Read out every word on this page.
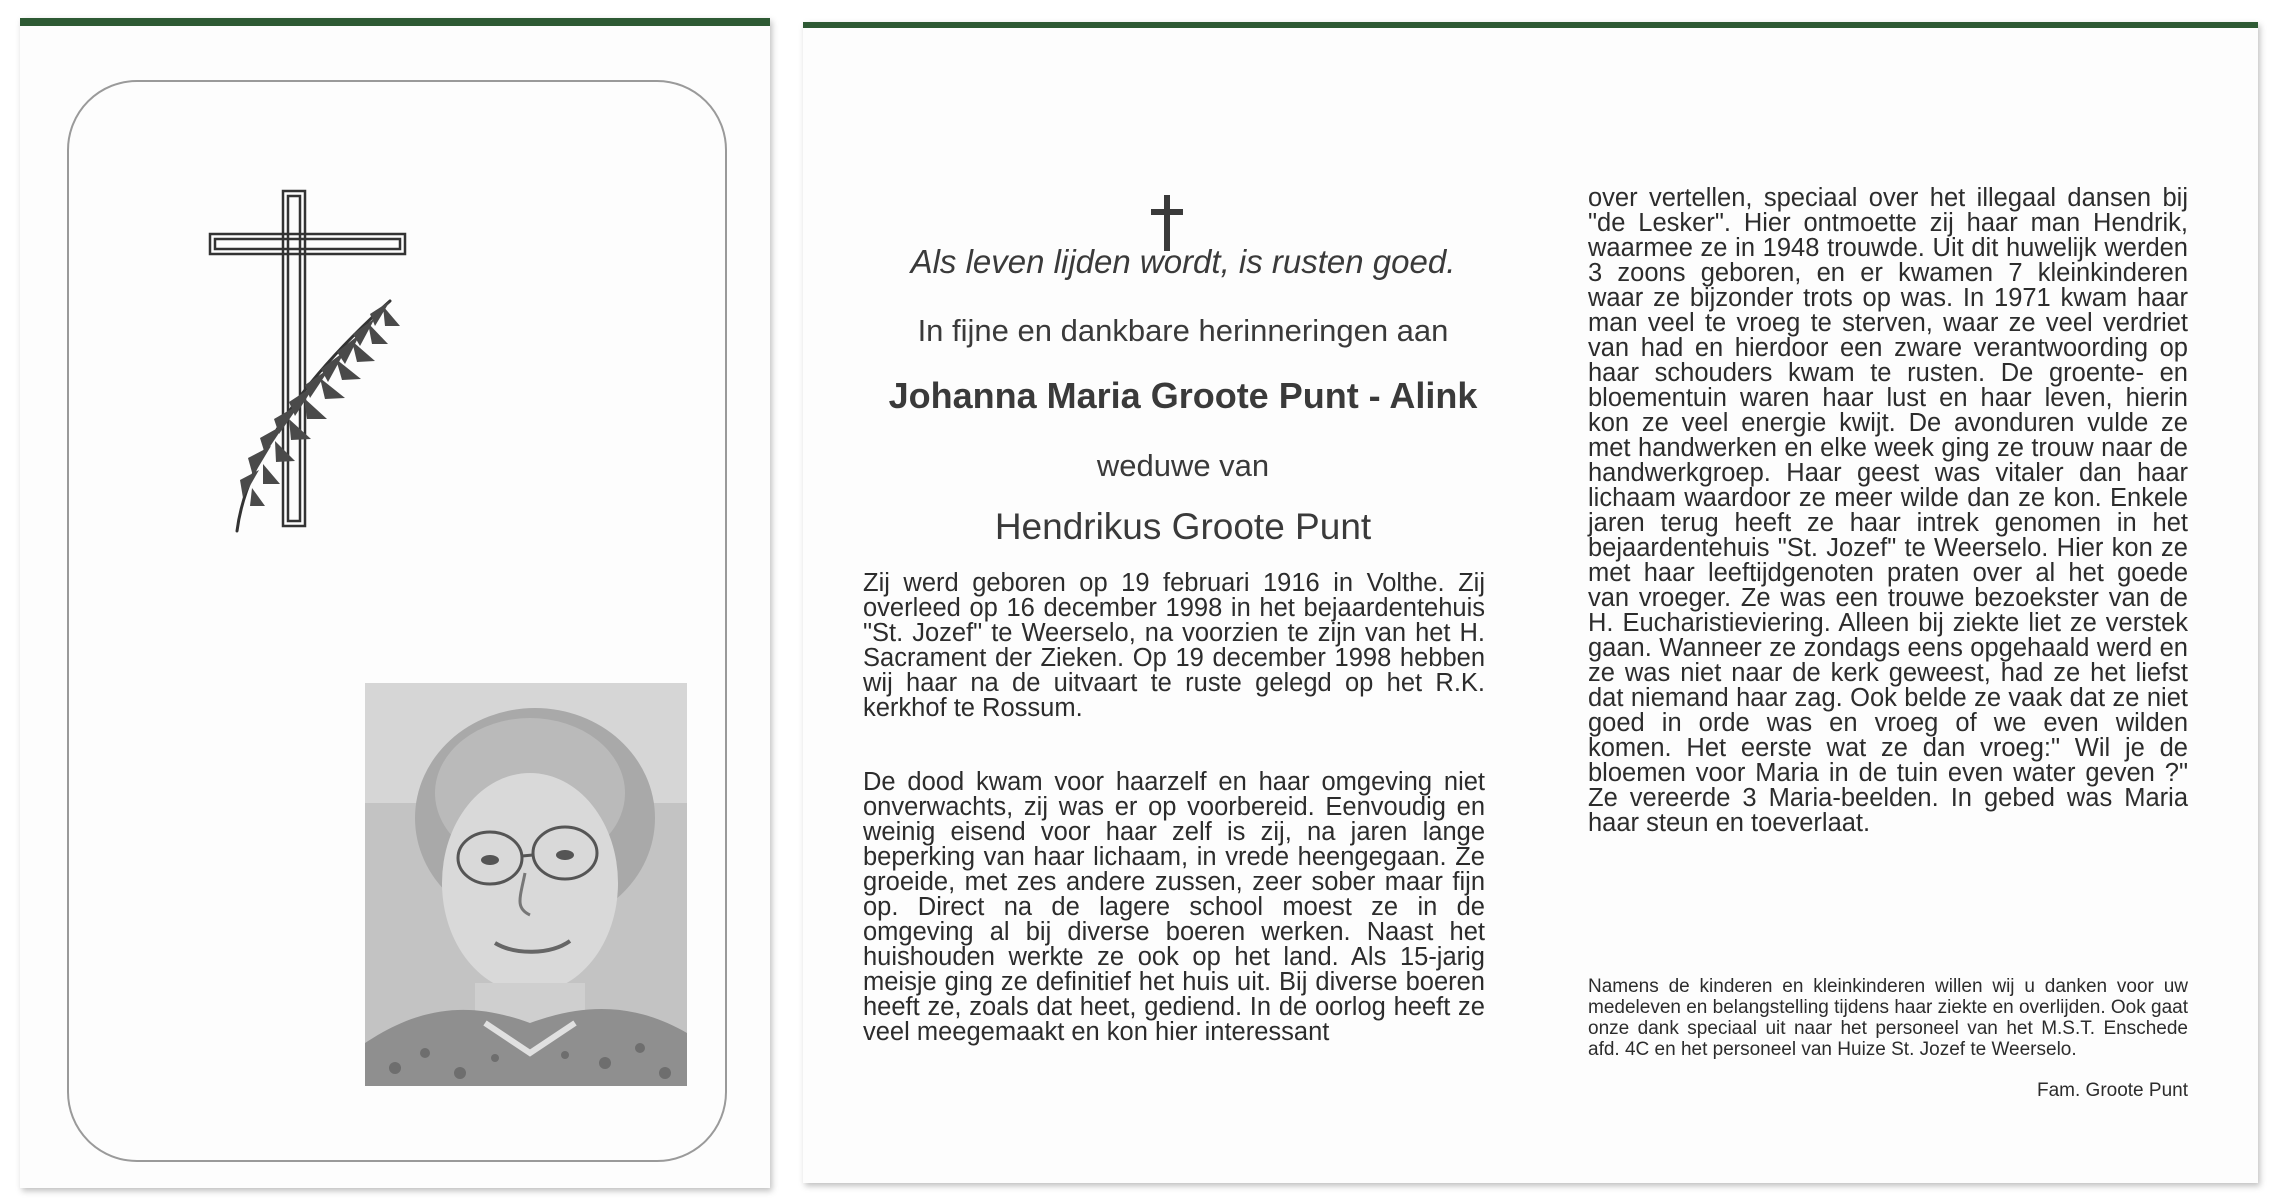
Als leven lijden wordt, is rusten goed.
In fijne en dankbare herinneringen aan
Johanna Maria Groote Punt - Alink
weduwe van
Hendrikus Groote Punt
Zij werd geboren op 19 februari 1916 in Volthe. Zij overleed op 16 december 1998 in het bejaardentehuis "St. Jozef" te Weerselo, na voorzien te zijn van het H. Sacrament der Zieken. Op 19 december 1998 hebben wij haar na de uitvaart te ruste gelegd op het R.K. kerkhof te Rossum.
De dood kwam voor haarzelf en haar omgeving niet onverwachts, zij was er op voorbereid. Eenvoudig en weinig eisend voor haar zelf is zij, na jaren lange beperking van haar lichaam, in vrede heengegaan. Ze groeide, met zes andere zussen, zeer sober maar fijn op. Direct na de lagere school moest ze in de omgeving al bij diverse boeren werken. Naast het huishouden werkte ze ook op het land. Als 15-jarig meisje ging ze definitief het huis uit. Bij diverse boeren heeft ze, zoals dat heet, gediend. In de oorlog heeft ze veel meegemaakt en kon hier interessant
over vertellen, speciaal over het illegaal dansen bij "de Lesker". Hier ontmoette zij haar man Hendrik, waarmee ze in 1948 trouwde. Uit dit huwelijk werden 3 zoons geboren, en er kwamen 7 kleinkinderen waar ze bijzonder trots op was. In 1971 kwam haar man veel te vroeg te sterven, waar ze veel verdriet van had en hierdoor een zware verantwoording op haar schouders kwam te rusten. De groente- en bloementuin waren haar lust en haar leven, hierin kon ze veel energie kwijt. De avonduren vulde ze met handwerken en elke week ging ze trouw naar de handwerkgroep. Haar geest was vitaler dan haar lichaam waardoor ze meer wilde dan ze kon. Enkele jaren terug heeft ze haar intrek genomen in het bejaardentehuis "St. Jozef" te Weerselo. Hier kon ze met haar leeftijdgenoten praten over al het goede van vroeger. Ze was een trouwe bezoekster van de H. Eucharistieviering. Alleen bij ziekte liet ze verstek gaan. Wanneer ze zondags eens opgehaald werd en ze was niet naar de kerk geweest, had ze het liefst dat niemand haar zag. Ook belde ze vaak dat ze niet goed in orde was en vroeg of we even wilden komen. Het eerste wat ze dan vroeg:" Wil je de bloemen voor Maria in de tuin even water geven ?" Ze vereerde 3 Maria-beelden. In gebed was Maria haar steun en toeverlaat.
Namens de kinderen en kleinkinderen willen wij u danken voor uw medeleven en belangstelling tijdens haar ziekte en overlijden. Ook gaat onze dank speciaal uit naar het personeel van het M.S.T. Enschede afd. 4C en het personeel van Huize St. Jozef te Weerselo.
Fam. Groote Punt
